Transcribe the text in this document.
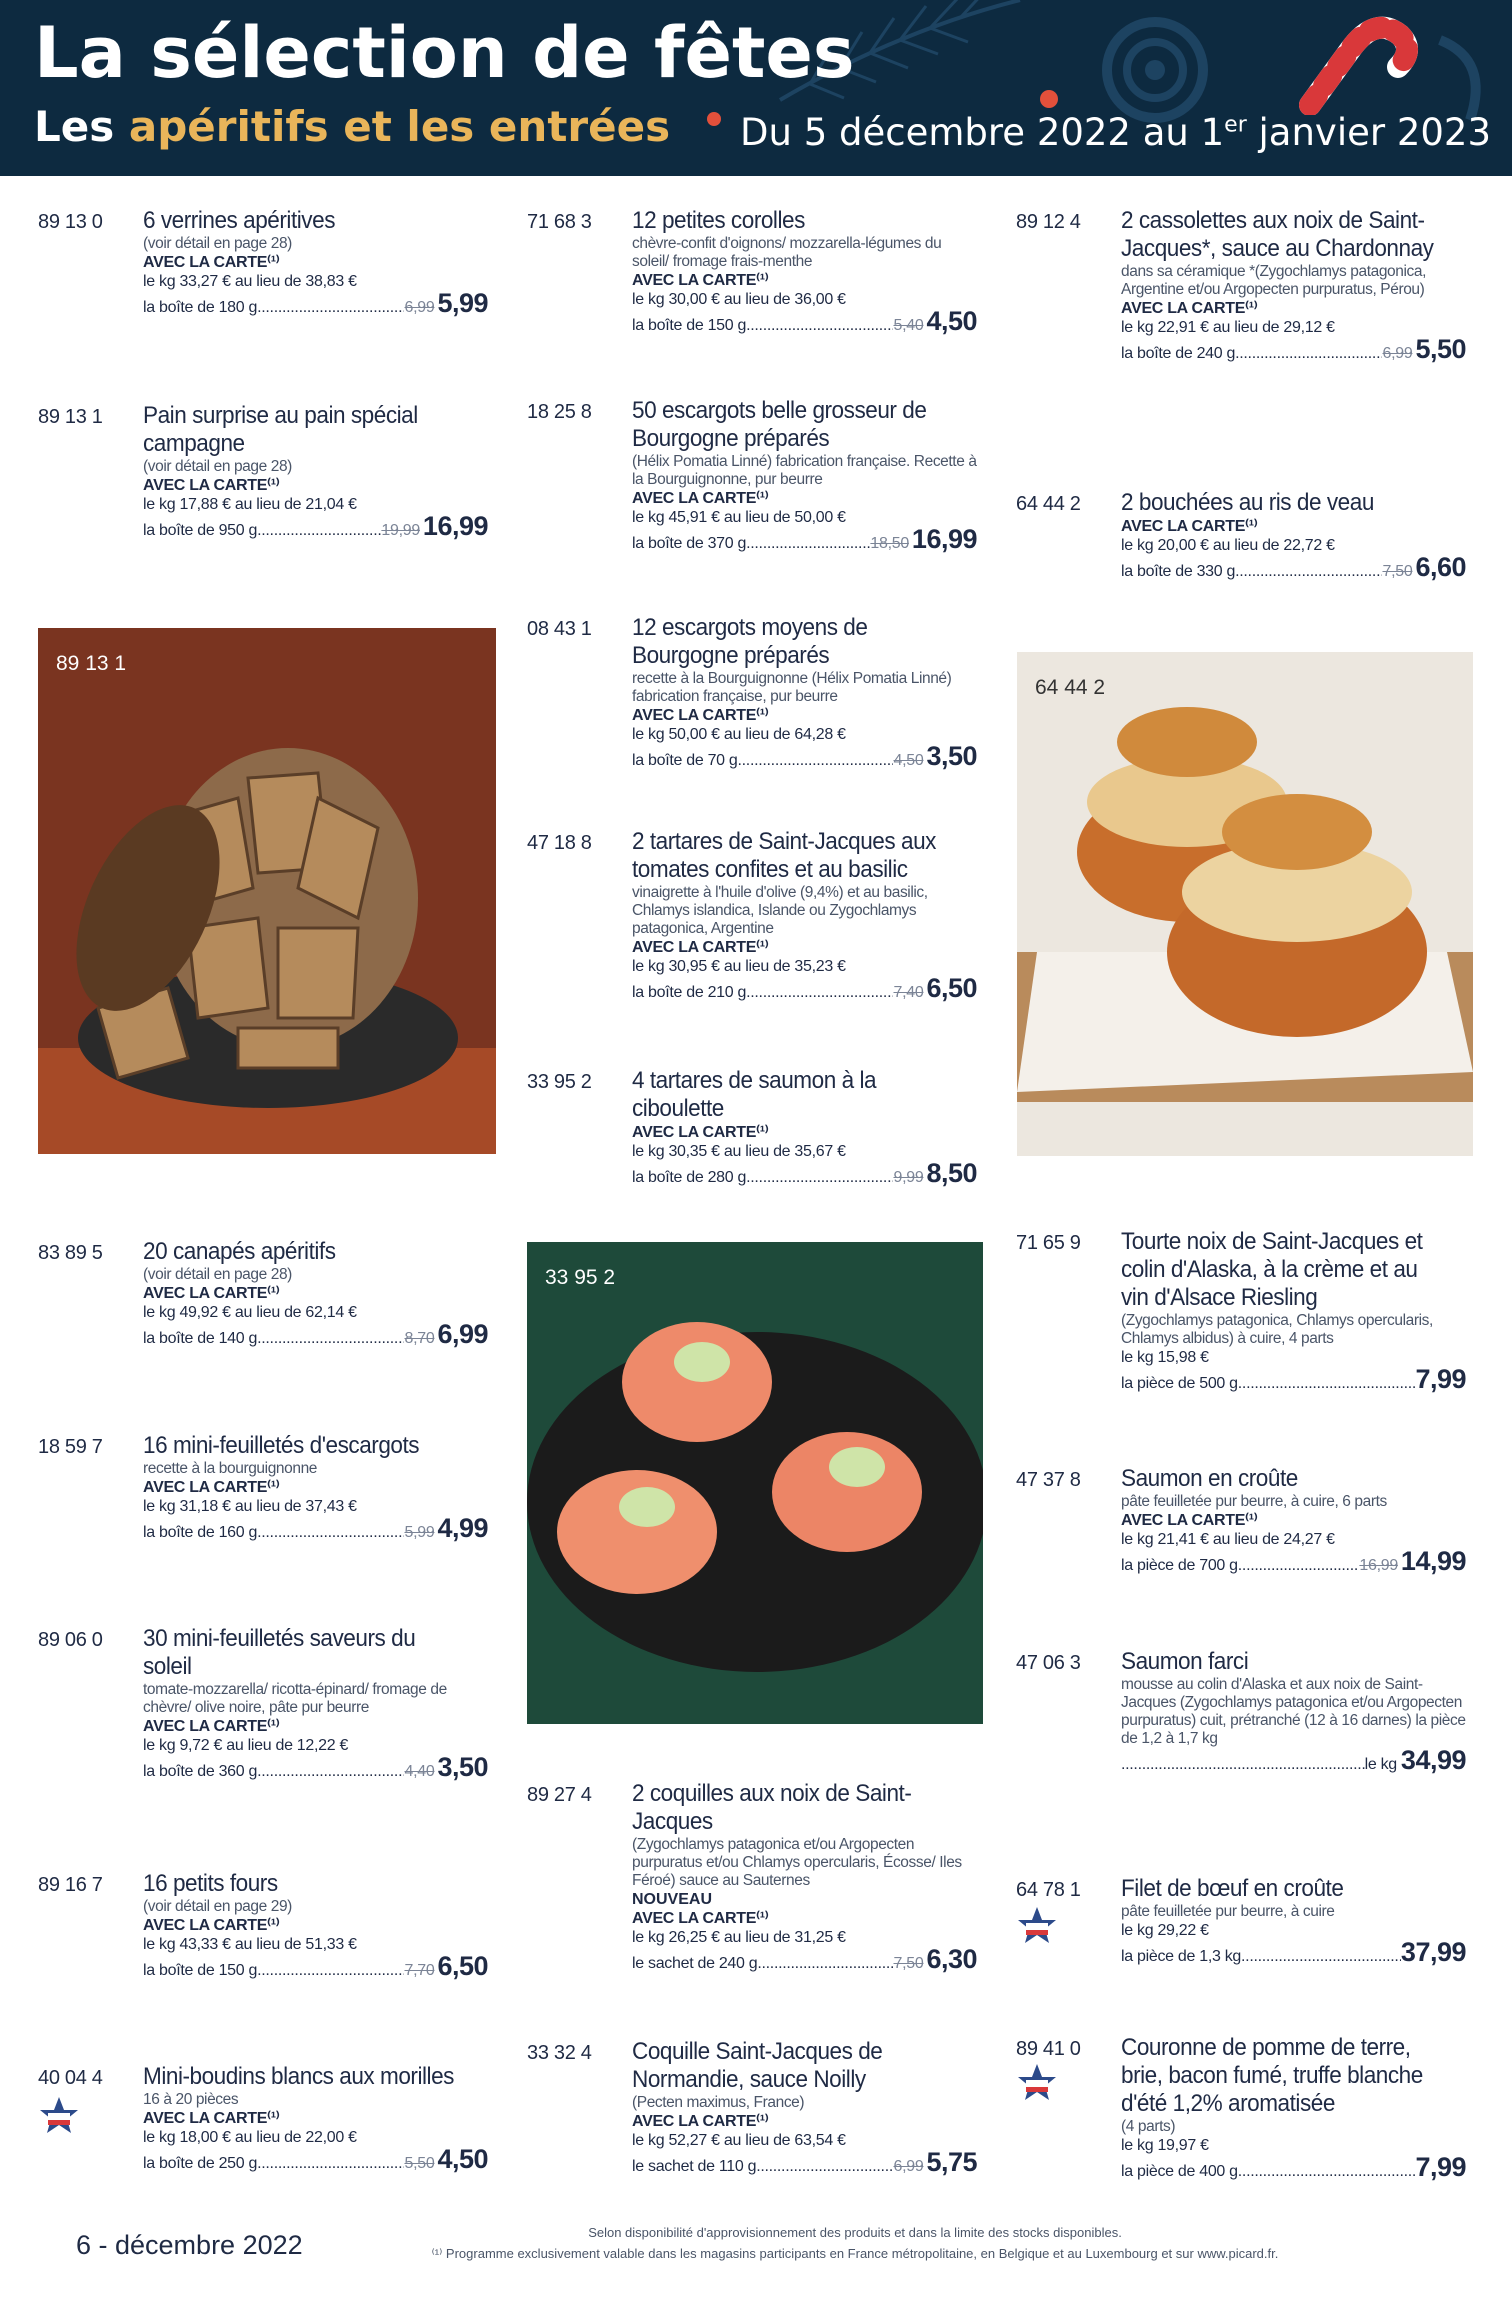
La sélection de fêtes
Les apéritifs et les entrées Du 5 décembre 2022 au 1er janvier 2023
89 13 1
64 44 2
33 95 2
89 13 0 6 verrines apéritives
(voir détail en page 28)
AVEC LA CARTE⁽¹⁾
le kg 33,27 € au lieu de 38,83 €
la boîte de 180 g .....	6,99 5,99
89 13 1 Pain surprise au pain spécial campagne
(voir détail en page 28)
AVEC LA CARTE⁽¹⁾
le kg 17,88 € au lieu de 21,04 €
la boîte de 950 g .....	19,99 16,99
83 89 5 20 canapés apéritifs
(voir détail en page 28)
AVEC LA CARTE⁽¹⁾
le kg 49,92 € au lieu de 62,14 €
la boîte de 140 g .....	8,70 6,99
18 59 7 16 mini-feuilletés d'escargots
recette à la bourguignonne
AVEC LA CARTE⁽¹⁾
le kg 31,18 € au lieu de 37,43 €
la boîte de 160 g .....	5,99 4,99
89 06 0 30 mini-feuilletés saveurs du soleil
tomate-mozzarella/ ricotta-épinard/ fromage de chèvre/ olive noire, pâte pur beurre
AVEC LA CARTE⁽¹⁾
le kg 9,72 € au lieu de 12,22 €
la boîte de 360 g .....	4,40 3,50
89 16 7 16 petits fours
(voir détail en page 29)
AVEC LA CARTE⁽¹⁾
le kg 43,33 € au lieu de 51,33 €
la boîte de 150 g .....	7,70 6,50
40 04 4 Mini-boudins blancs aux morilles
16 à 20 pièces
AVEC LA CARTE⁽¹⁾
le kg 18,00 € au lieu de 22,00 €
la boîte de 250 g .....	5,50 4,50
71 68 3 12 petites corolles
chèvre-confit d'oignons/ mozzarella-légumes du soleil/ fromage frais-menthe
AVEC LA CARTE⁽¹⁾
le kg 30,00 € au lieu de 36,00 €
la boîte de 150 g .....	5,40 4,50
18 25 8 50 escargots belle grosseur de Bourgogne préparés
(Hélix Pomatia Linné) fabrication française. Recette à la Bourguignonne, pur beurre
AVEC LA CARTE⁽¹⁾
le kg 45,91 € au lieu de 50,00 €
la boîte de 370 g .....	18,50 16,99
08 43 1 12 escargots moyens de Bourgogne préparés
recette à la Bourguignonne (Hélix Pomatia Linné) fabrication française, pur beurre
AVEC LA CARTE⁽¹⁾
le kg 50,00 € au lieu de 64,28 €
la boîte de 70 g .....	4,50 3,50
47 18 8 2 tartares de Saint-Jacques aux tomates confites et au basilic
vinaigrette à l'huile d'olive (9,4%) et au basilic, Chlamys islandica, Islande ou Zygochlamys patagonica, Argentine
AVEC LA CARTE⁽¹⁾
le kg 30,95 € au lieu de 35,23 €
la boîte de 210 g .....	7,40 6,50
33 95 2 4 tartares de saumon à la ciboulette
AVEC LA CARTE⁽¹⁾
le kg 30,35 € au lieu de 35,67 €
la boîte de 280 g .....	9,99 8,50
89 27 4 2 coquilles aux noix de Saint-Jacques
(Zygochlamys patagonica et/ou Argopecten purpuratus et/ou Chlamys opercularis, Écosse/ Iles Féroé) sauce au Sauternes
NOUVEAU
AVEC LA CARTE⁽¹⁾
le kg 26,25 € au lieu de 31,25 €
le sachet de 240 g .....	7,50 6,30
33 32 4 Coquille Saint-Jacques de Normandie, sauce Noilly
(Pecten maximus, France)
AVEC LA CARTE⁽¹⁾
le kg 52,27 € au lieu de 63,54 €
le sachet de 110 g .....	6,99 5,75
89 12 4 2 cassolettes aux noix de Saint-Jacques*, sauce au Chardonnay
dans sa céramique *(Zygochlamys patagonica, Argentine et/ou Argopecten purpuratus, Pérou)
AVEC LA CARTE⁽¹⁾
le kg 22,91 € au lieu de 29,12 €
la boîte de 240 g .....	6,99 5,50
64 44 2 2 bouchées au ris de veau
AVEC LA CARTE⁽¹⁾
le kg 20,00 € au lieu de 22,72 €
la boîte de 330 g .....	7,50 6,60
71 65 9 Tourte noix de Saint-Jacques et colin d'Alaska, à la crème et au vin d'Alsace Riesling
(Zygochlamys patagonica, Chlamys opercularis, Chlamys albidus) à cuire, 4 parts
le kg 15,98 €
la pièce de 500 g .....	7,99
47 37 8 Saumon en croûte
pâte feuilletée pur beurre, à cuire, 6 parts
AVEC LA CARTE⁽¹⁾
le kg 21,41 € au lieu de 24,27 €
la pièce de 700 g .....	16,99 14,99
47 06 3 Saumon farci
mousse au colin d'Alaska et aux noix de Saint-Jacques (Zygochlamys patagonica et/ou Argopecten purpuratus) cuit, prétranché (12 à 16 darnes) la pièce de 1,2 à 1,7 kg
.....
le kg 34,99
64 78 1 Filet de bœuf en croûte
pâte feuilletée pur beurre, à cuire
le kg 29,22 €
la pièce de 1,3 kg .....	37,99
89 41 0 Couronne de pomme de terre, brie, bacon fumé, truffe blanche d'été 1,2% aromatisée
(4 parts)
le kg 19,97 €
la pièce de 400 g .....	7,99
6 - décembre 2022	Selon disponibilité d'approvisionnement des produits et dans la limite des stocks disponibles.
⁽¹⁾ Programme exclusivement valable dans les magasins participants en France métropolitaine, en Belgique et au Luxembourg et sur www.picard.fr.
